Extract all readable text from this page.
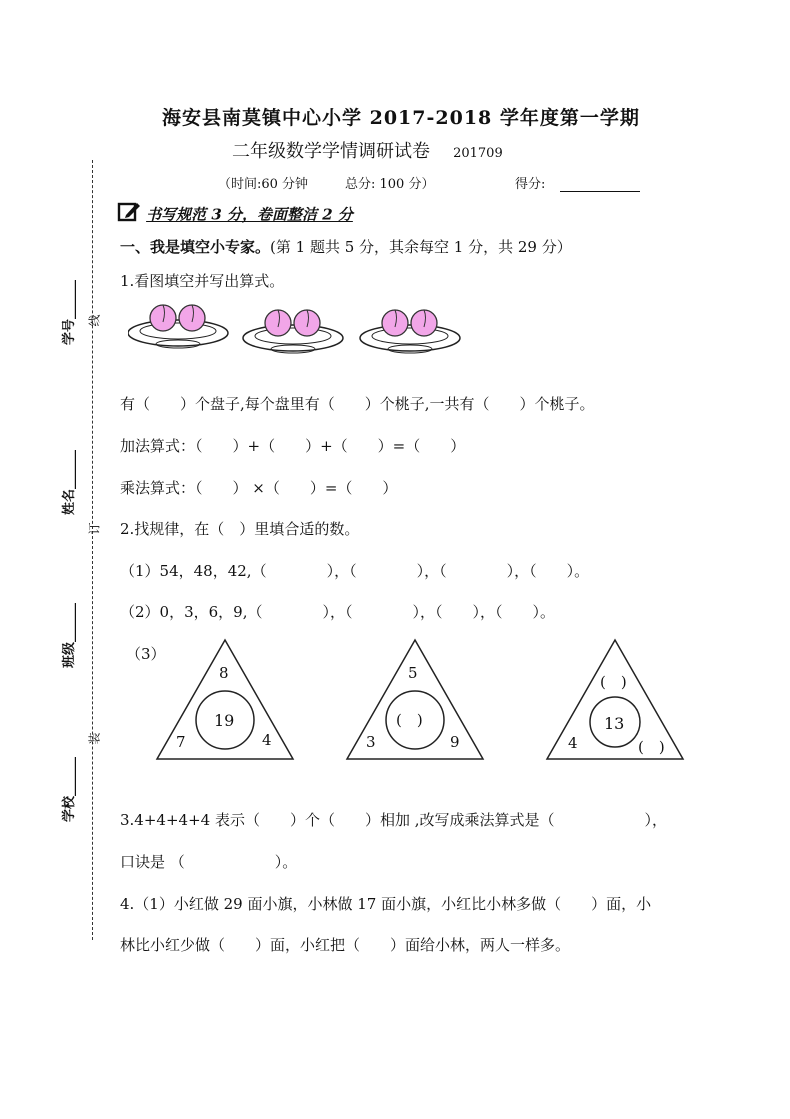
海安县南莫镇中心小学 2017-2018 学年度第一学期
二年级数学学情调研试卷 201709
（时间:60 分钟	总分: 100 分）	得分:
学号______
姓名______
班级______
学校______
线
订
装
书写规范 3 分，卷面整洁 2 分
一、我是填空小专家。(第 1 题共 5 分，其余每空 1 分，共 29 分）
1.看图填空并写出算式。
有（　　）个盘子,每个盘里有（　　）个桃子,一共有（　　）个桃子。
加法算式：（　　）+（　　）+（　　）=（　　）
乘法算式：（　　） ×（　　）=（　　）
2.找规律，在（　）里填合适的数。
（1）54，48，42,（　　　　），（　　　　），（　　　　），（　　）。
（2）0，3，6，9,（　　　　），（　　　　），（　　），（　　）。
（3）
8
19
7	4
5
(　)
3	9
(　)
13
4	(　)
3.4+4+4+4 表示（　　）个（　　）相加 ,改写成乘法算式是（　　　　　　），
口诀是 （　　　　　　）。
4.（1）小红做 29 面小旗，小林做 17 面小旗，小红比小林多做（　　）面，小
林比小红少做（　　）面，小红把（　　）面给小林，两人一样多。
